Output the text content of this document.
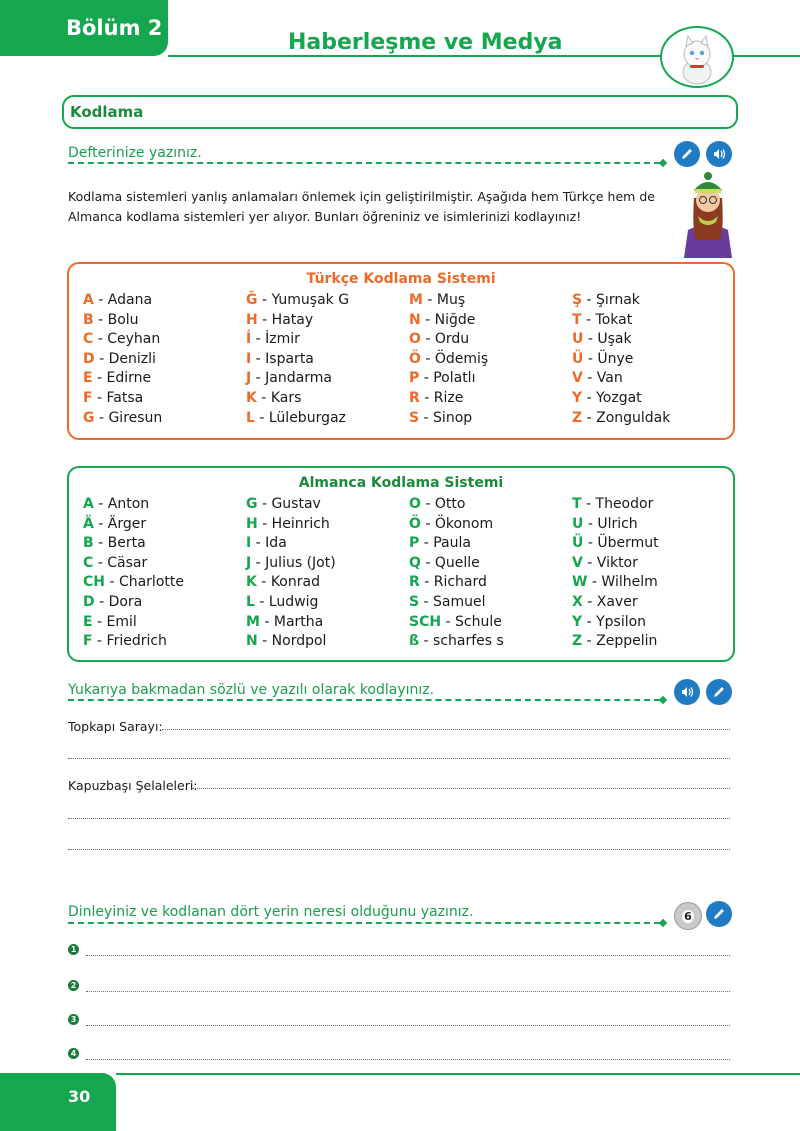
Bölüm 2
Haberleşme ve Medya
Kodlama
Defterinize yazınız.
Kodlama sistemleri yanlış anlamaları önlemek için geliştirilmiştir. Aşağıda hem Türkçe hem de Almanca kodlama sistemleri yer alıyor. Bunları öğreniniz ve isimlerinizi kodlayınız!
Türkçe Kodlama Sistemi
A - Adana
B - Bolu
C - Ceyhan
D - Denizli
E - Edirne
F - Fatsa
G - Giresun
Ğ - Yumuşak G
H - Hatay
İ - İzmir
I - Isparta
J - Jandarma
K - Kars
L - Lüleburgaz
M - Muş
N - Niğde
O - Ordu
Ö - Ödemiş
P - Polatlı
R - Rize
S - Sinop
Ş - Şırnak
T - Tokat
U - Uşak
Ü - Ünye
V - Van
Y - Yozgat
Z - Zonguldak
Almanca Kodlama Sistemi
A - Anton
Ä - Ärger
B - Berta
C - Cäsar
CH - Charlotte
D - Dora
E - Emil
F - Friedrich
G - Gustav
H - Heinrich
I - Ida
J - Julius (Jot)
K - Konrad
L - Ludwig
M - Martha
N - Nordpol
O - Otto
Ö - Ökonom
P - Paula
Q - Quelle
R - Richard
S - Samuel
SCH - Schule
ß - scharfes s
T - Theodor
U - Ulrich
Ü - Übermut
V - Viktor
W - Wilhelm
X - Xaver
Y - Ypsilon
Z - Zeppelin
Yukarıya bakmadan sözlü ve yazılı olarak kodlayınız.
Topkapı Sarayı:
Kapuzbaşı Şelaleleri:
Dinleyiniz ve kodlanan dört yerin neresi olduğunu yazınız.	6
1
2
3
4
30
